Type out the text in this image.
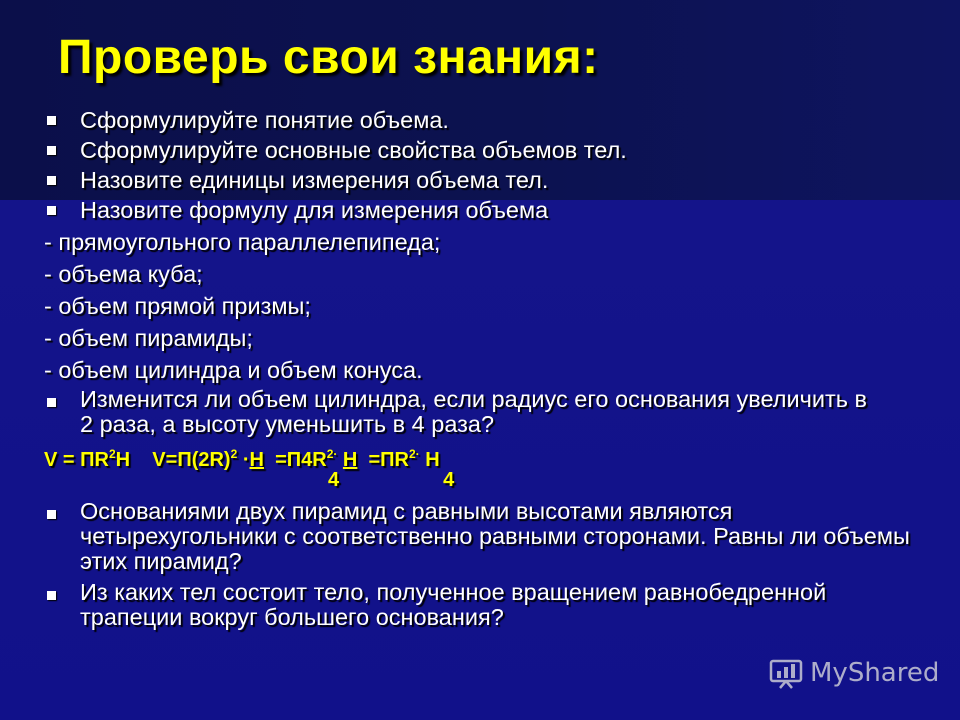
Проверь свои знания:
Сформулируйте понятие объема.
Сформулируйте основные свойства объемов тел.
Назовите единицы измерения объема тел.
Назовите формулу для измерения объема
- прямоугольного параллелепипеда;
- объема куба;
- объем прямой призмы;
- объем пирамиды;
- объем цилиндра и объем конуса.
Изменится ли объем цилиндра, если радиус его основания увеличить в 2 раза, а высоту уменьшить в 4 раза?

$V = ПR^2H$    $V=П(2R)^2 \cdot H =П4R^{2\cdot}$ $H =ПR^{2\cdot}$ H

4	4

Основаниями двух пирамид с равными высотами являются четырехугольники с соответственно равными сторонами. Равны ли объемы этих пирамид?
Из каких тел состоит тело, полученное вращением равнобедренной трапеции вокруг большего основания?
MyShared
